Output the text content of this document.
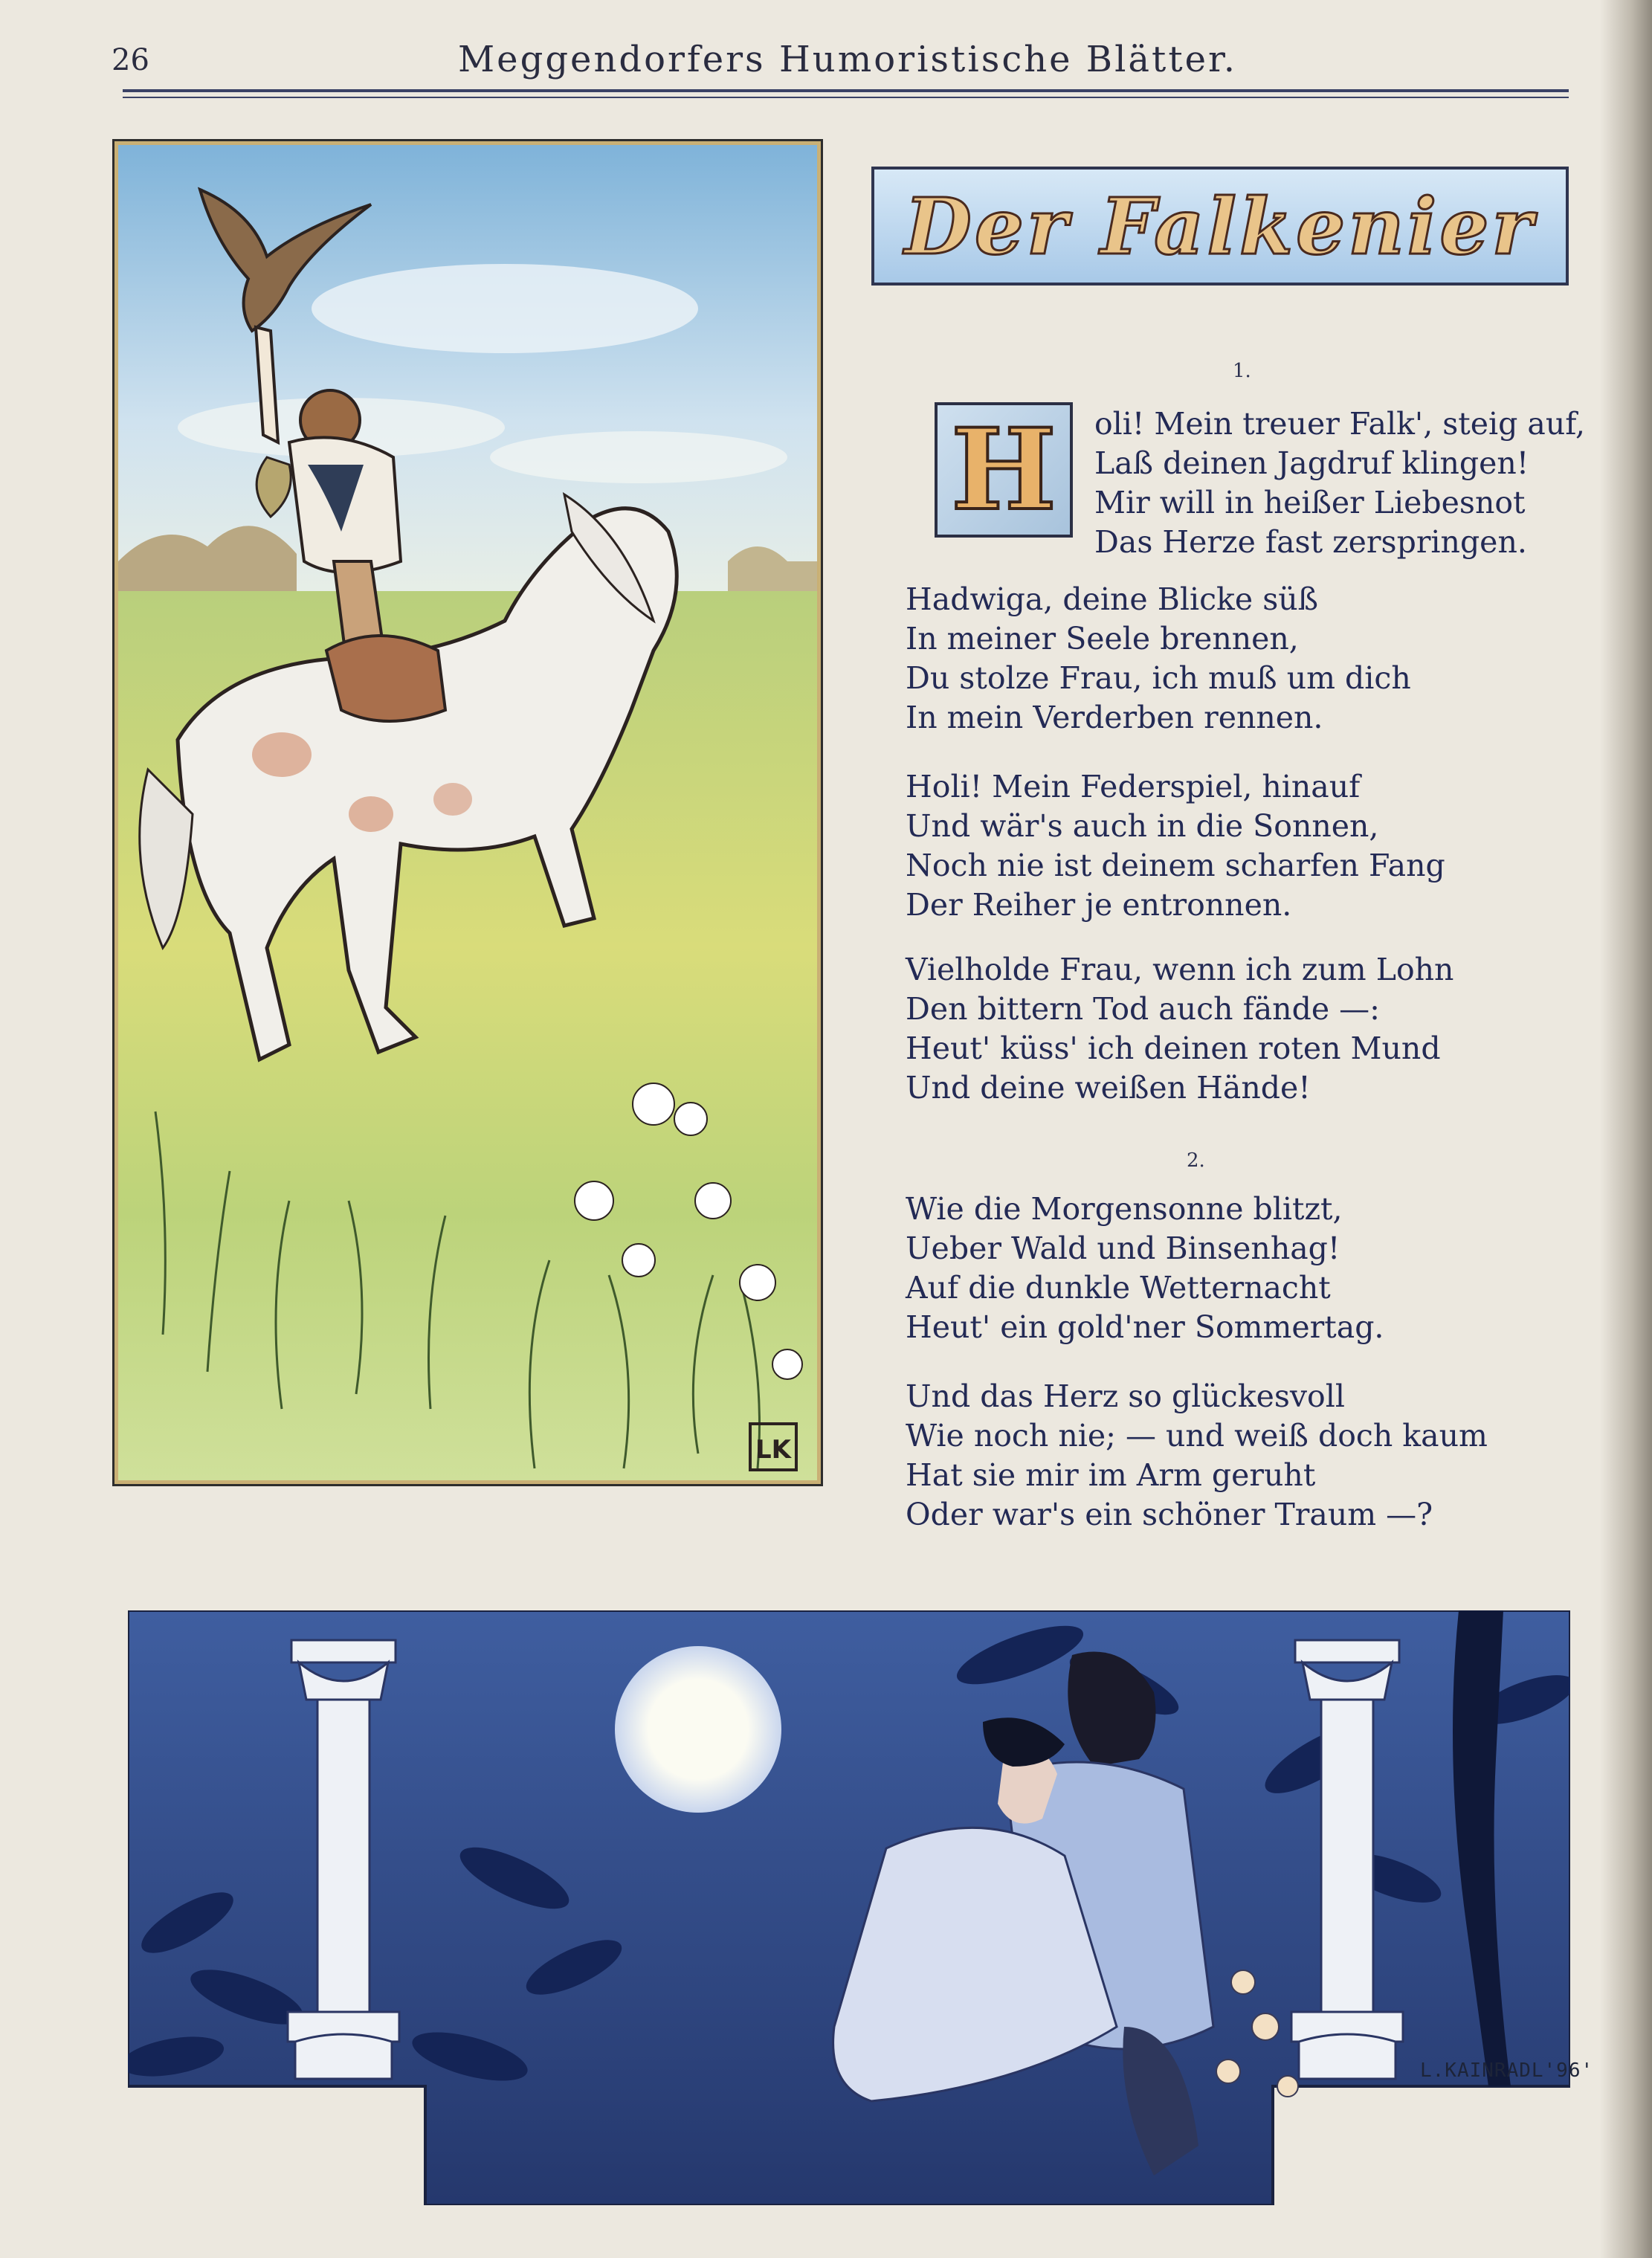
26	Meggendorfers Humoristische Blätter.
LK
Der Falkenier
1.
H oli! Mein treuer Falk', steig auf,
Laß deinen Jagdruf klingen!
Mir will in heißer Liebesnot
Das Herze fast zerspringen.
Hadwiga, deine Blicke süß
In meiner Seele brennen,
Du stolze Frau, ich muß um dich
In mein Verderben rennen.
Holi! Mein Federspiel, hinauf
Und wär's auch in die Sonnen,
Noch nie ist deinem scharfen Fang
Der Reiher je entronnen.
Vielholde Frau, wenn ich zum Lohn
Den bittern Tod auch fände —:
Heut' küss' ich deinen roten Mund
Und deine weißen Hände!
2.
Wie die Morgensonne blitzt,
Ueber Wald und Binsenhag!
Auf die dunkle Wetternacht
Heut' ein gold'ner Sommertag.
Und das Herz so glückesvoll
Wie noch nie; — und weiß doch kaum
Hat sie mir im Arm geruht
Oder war's ein schöner Traum —?
L.KAINRADL'96'
